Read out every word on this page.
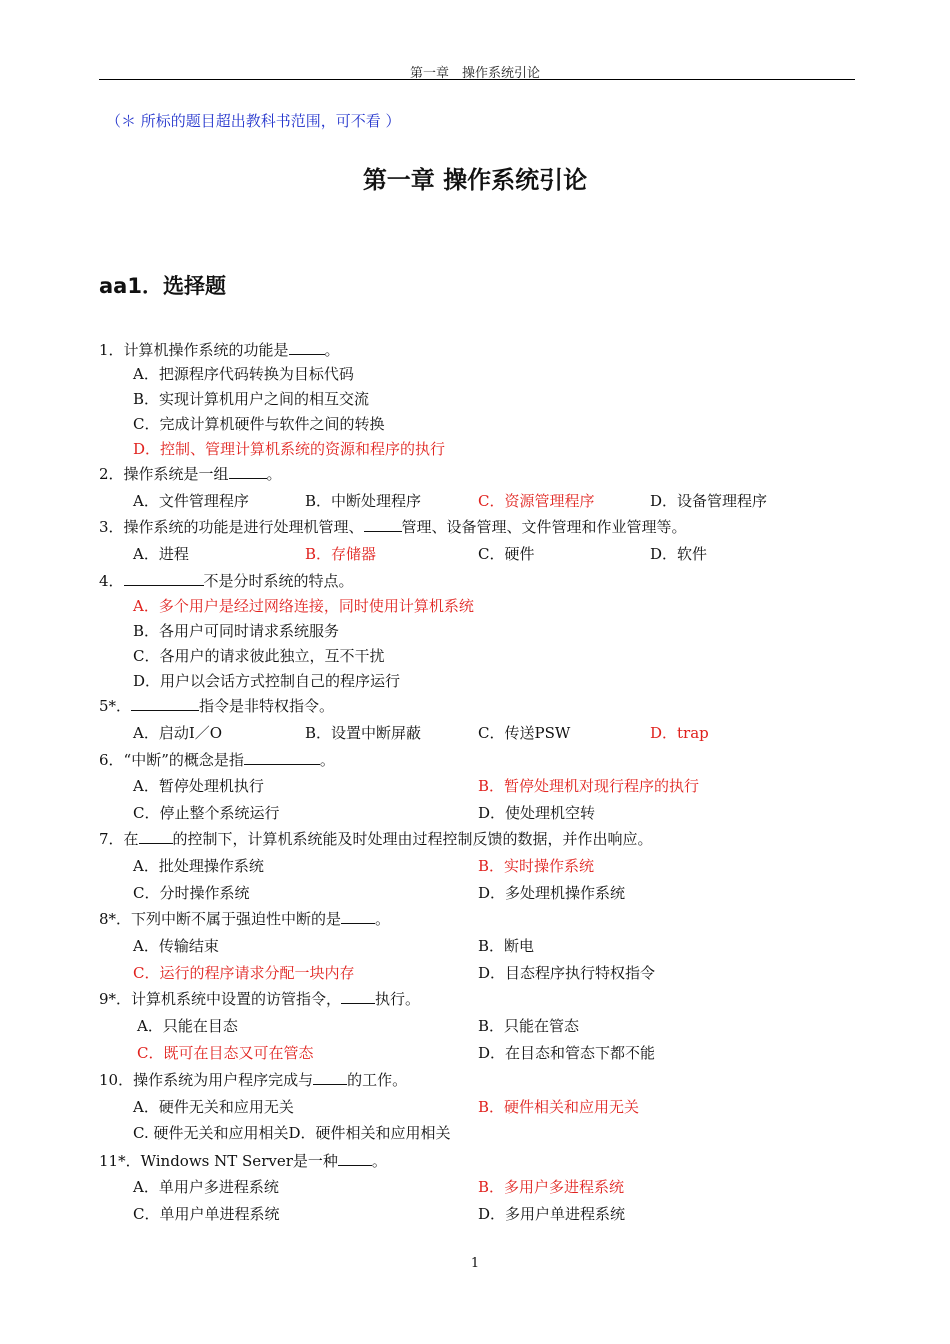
第一章　操作系统引论
（＊ 所标的题目超出教科书范围，可不看 ）
第一章 操作系统引论
aa1．选择题
1．计算机操作系统的功能是 。
A．把源程序代码转换为目标代码
B．实现计算机用户之间的相互交流
C．完成计算机硬件与软件之间的转换
D．控制、管理计算机系统的资源和程序的执行
2．操作系统是一组	。
A．文件管理程序	B．中断处理程序	C．资源管理程序	D．设备管理程序
3．操作系统的功能是进行处理机管理、	管理、设备管理、文件管理和作业管理等。
A．进程	B．存储器	C．硬件	D．软件
4．	不是分时系统的特点。
A．多个用户是经过网络连接，同时使用计算机系统
B．各用户可同时请求系统服务
C．各用户的请求彼此独立，互不干扰
D．用户以会话方式控制自己的程序运行
5*．	指令是非特权指令。
A．启动I／O	B．设置中断屏蔽	C．传送PSW	D．trap
6．“中断”的概念是指	。
A．暂停处理机执行	B．暂停处理机对现行程序的执行
C．停止整个系统运行	D．使处理机空转
7．在 的控制下，计算机系统能及时处理由过程控制反馈的数据，并作出响应。
A．批处理操作系统	B．实时操作系统
C．分时操作系统	D．多处理机操作系统
8*．下列中断不属于强迫性中断的是 。
A．传输结束	B．断电
C．运行的程序请求分配一块内存	D．目态程序执行特权指令
9*．计算机系统中设置的访管指令， 执行。
A．只能在目态	B．只能在管态
C．既可在目态又可在管态	D．在目态和管态下都不能
10．操作系统为用户程序完成与 的工作。
A．硬件无关和应用无关	B．硬件相关和应用无关
C. 硬件无关和应用相关D．硬件相关和应用相关
11*．Windows NT Server是一种 。
A．单用户多进程系统	B．多用户多进程系统
C．单用户单进程系统	D．多用户单进程系统
1
